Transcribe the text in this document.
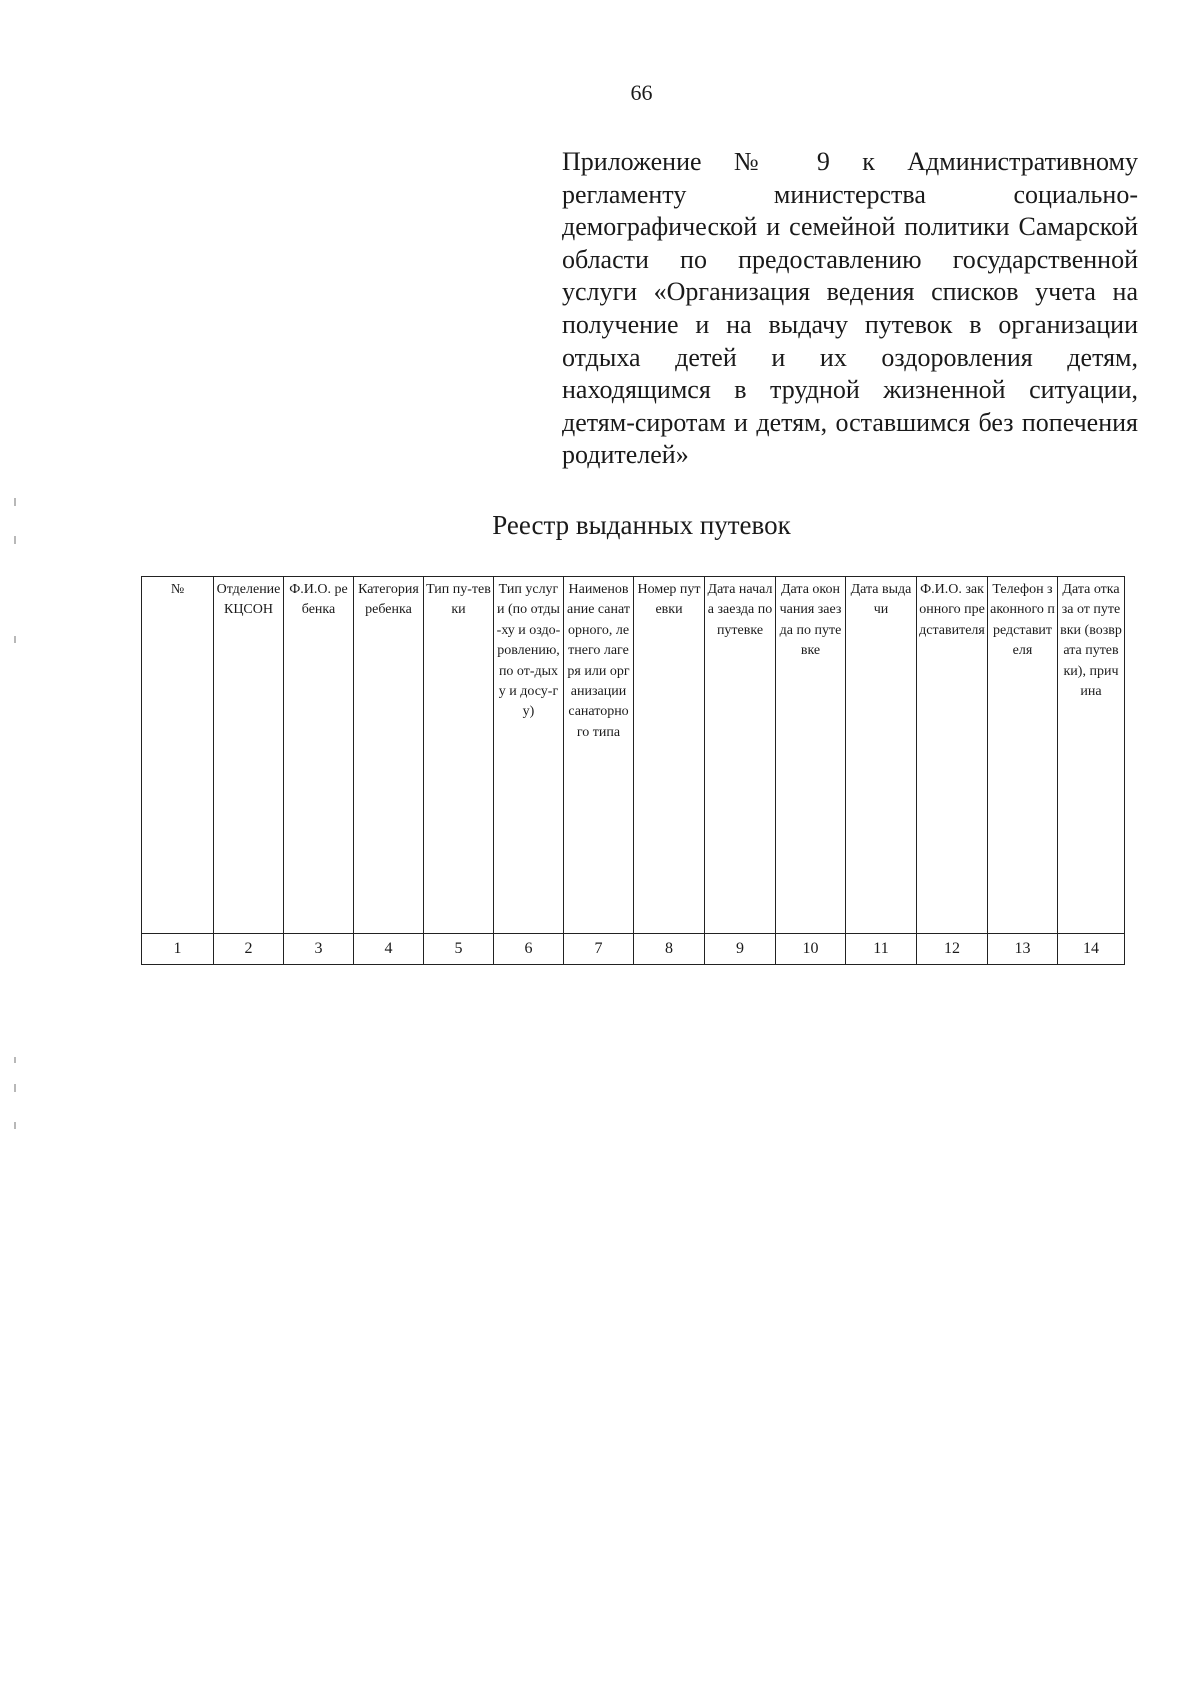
66
Приложение № 9 к Административному регламенту министерства социально-демографической и семейной политики Самарской области по предоставлению государственной услуги «Организация ведения списков учета на получение и на выдачу путевок в организации отдыха детей и их оздоровления детям, находящимся в трудной жизненной ситуации, детям-сиротам и детям, оставшимся без попечения родителей»
Реестр выданных путевок
№	Отделение КЦСОН	Ф.И.О. ребенка	Категория ребенка	Тип пу-тевки	Тип услуги (по отды-ху и оздо-ровлению, по от-дыху и досу-гу)	Наименование санаторного, летнего лагеря или организации санаторного типа	Номер путевки	Дата начала заезда по путевке	Дата окончания заезда по путевке	Дата выдачи	Ф.И.О. законного представителя	Телефон законного представителя	Дата отказа от путевки (возврата путевки), причина
1	2	3	4	5	6	7	8	9	10	11	12	13	14
